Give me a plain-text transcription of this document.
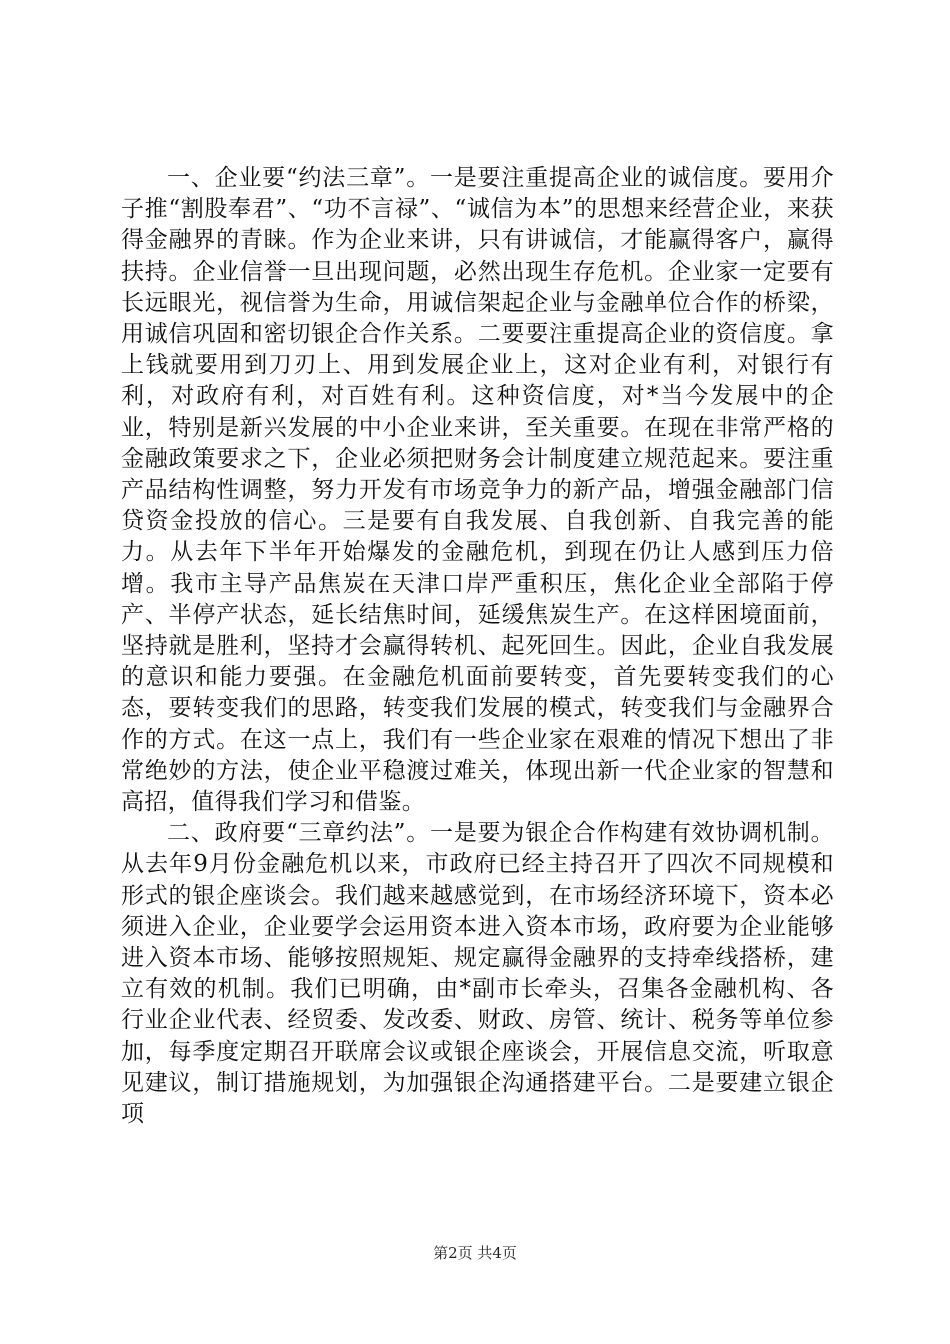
一、企业要“约法三章”。一是要注重提高企业的诚信度。要用介子推“割股奉君”、“功不言禄”、“诚信为本”的思想来经营企业，来获得金融界的青睐。作为企业来讲，只有讲诚信，才能赢得客户，赢得扶持。企业信誉一旦出现问题，必然出现生存危机。企业家一定要有长远眼光，视信誉为生命，用诚信架起企业与金融单位合作的桥梁，用诚信巩固和密切银企合作关系。二要要注重提高企业的资信度。拿上钱就要用到刀刃上、用到发展企业上，这对企业有利，对银行有利，对政府有利，对百姓有利。这种资信度，对*当今发展中的企业，特别是新兴发展的中小企业来讲，至关重要。在现在非常严格的金融政策要求之下，企业必须把财务会计制度建立规范起来。要注重产品结构性调整，努力开发有市场竞争力的新产品，增强金融部门信贷资金投放的信心。三是要有自我发展、自我创新、自我完善的能力。从去年下半年开始爆发的金融危机，到现在仍让人感到压力倍增。我市主导产品焦炭在天津口岸严重积压，焦化企业全部陷于停产、半停产状态，延长结焦时间，延缓焦炭生产。在这样困境面前，坚持就是胜利，坚持才会赢得转机、起死回生。因此，企业自我发展的意识和能力要强。在金融危机面前要转变，首先要转变我们的心态，要转变我们的思路，转变我们发展的模式，转变我们与金融界合作的方式。在这一点上，我们有一些企业家在艰难的情况下想出了非常绝妙的方法，使企业平稳渡过难关，体现出新一代企业家的智慧和高招，值得我们学习和借鉴。

二、政府要“三章约法”。一是要为银企合作构建有效协调机制。从去年9月份金融危机以来，市政府已经主持召开了四次不同规模和形式的银企座谈会。我们越来越感觉到，在市场经济环境下，资本必须进入企业，企业要学会运用资本进入资本市场，政府要为企业能够进入资本市场、能够按照规矩、规定赢得金融界的支持牵线搭桥，建立有效的机制。我们已明确，由*副市长牵头，召集各金融机构、各行业企业代表、经贸委、发改委、财政、房管、统计、税务等单位参加，每季度定期召开联席会议或银企座谈会，开展信息交流，听取意见建议，制订措施规划，为加强银企沟通搭建平台。二是要建立银企项

第2页 共4页
